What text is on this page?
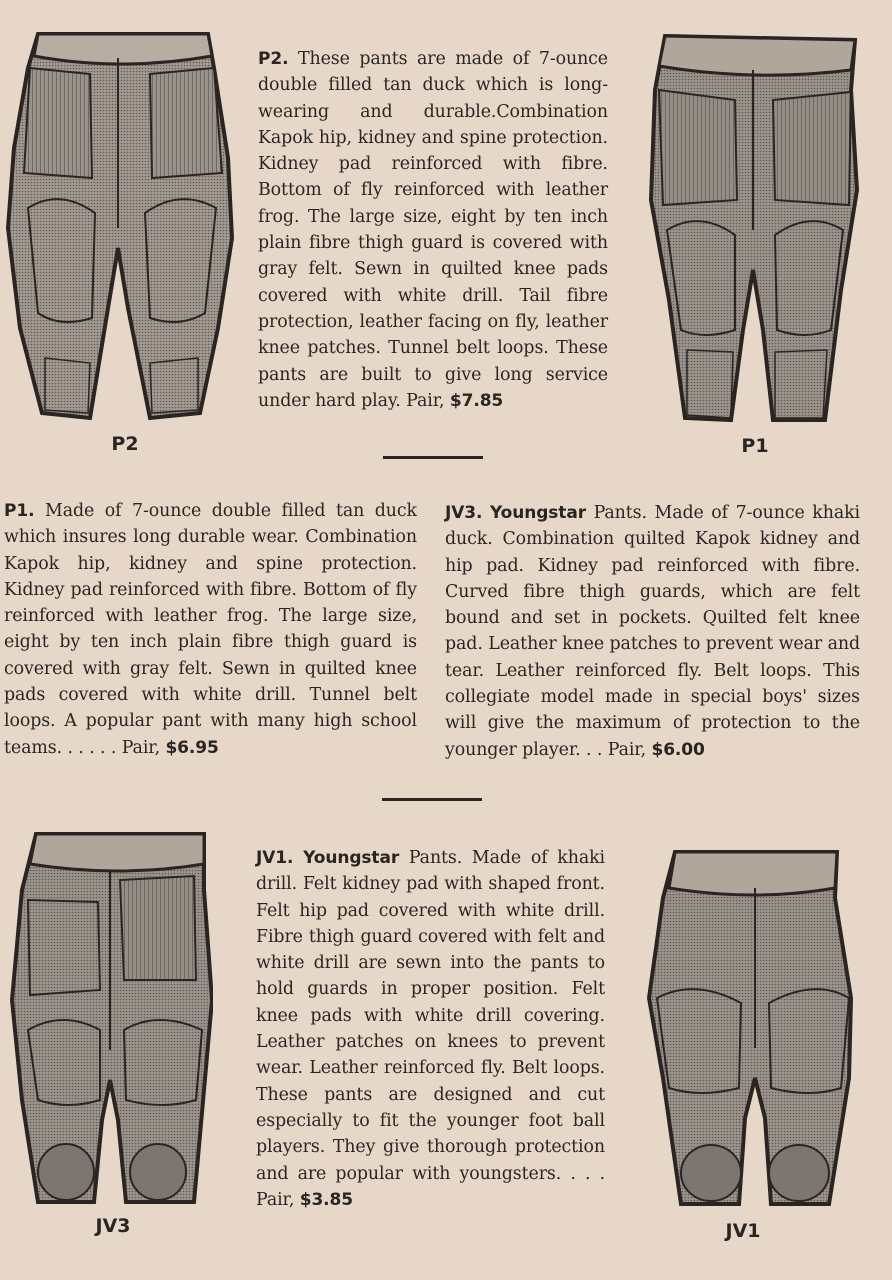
P2

P2. These pants are made of 7-ounce double filled tan duck which is long-wearing and durable.Combination Kapok hip, kidney and spine protection. Kidney pad reinforced with fibre. Bottom of fly reinforced with leather frog. The large size, eight by ten inch plain fibre thigh guard is covered with gray felt. Sewn in quilted knee pads covered with white drill. Tail fibre protection, leather facing on fly, leather knee patches. Tunnel belt loops. These pants are built to give long service under hard play. Pair, $7.85

P1

P1. Made of 7-ounce double filled tan duck which insures long durable wear. Combination Kapok hip, kidney and spine protection. Kidney pad reinforced with fibre. Bottom of fly reinforced with leather frog. The large size, eight by ten inch plain fibre thigh guard is covered with gray felt. Sewn in quilted knee pads covered with white drill. Tunnel belt loops. A popular pant with many high school teams. . . . . . Pair, $6.95

JV3. Youngstar Pants. Made of 7-ounce khaki duck. Combination quilted Kapok kidney and hip pad. Kidney pad reinforced with fibre. Curved fibre thigh guards, which are felt bound and set in pockets. Quilted felt knee pad. Leather knee patches to prevent wear and tear. Leather reinforced fly. Belt loops. This collegiate model made in special boys' sizes will give the maximum of protection to the younger player. . . Pair, $6.00

JV3

JV1. Youngstar Pants. Made of khaki drill. Felt kidney pad with shaped front. Felt hip pad covered with white drill. Fibre thigh guard covered with felt and white drill are sewn into the pants to hold guards in proper position. Felt knee pads with white drill covering. Leather patches on knees to prevent wear. Leather reinforced fly. Belt loops. These pants are designed and cut especially to fit the younger foot ball players. They give thorough protection and are popular with youngsters. . . . Pair, $3.85

JV1
